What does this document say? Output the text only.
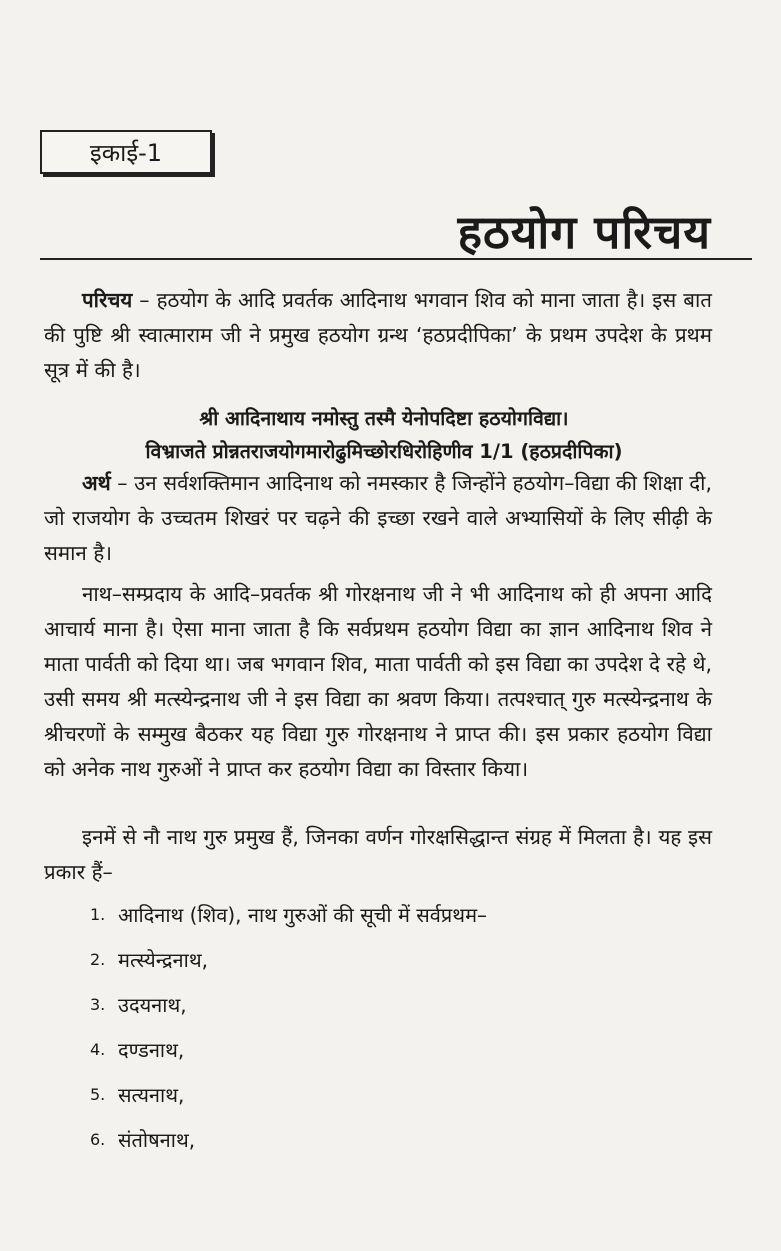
इकाई-1
हठयोग परिचय
परिचय – हठयोग के आदि प्रवर्तक आदिनाथ भगवान शिव को माना जाता है। इस बात की पुष्टि श्री स्वात्माराम जी ने प्रमुख हठयोग ग्रन्थ ‘हठप्रदीपिका’ के प्रथम उपदेश के प्रथम सूत्र में की है।
श्री आदिनाथाय नमोस्तु तस्मै येनोपदिष्टा हठयोगविद्या।
विभ्राजते प्रोन्नतराजयोगमारोढुमिच्छोरधिरोहिणीव 1/1 (हठप्रदीपिका)
अर्थ – उन सर्वशक्तिमान आदिनाथ को नमस्कार है जिन्होंने हठयोग–विद्या की शिक्षा दी, जो राजयोग के उच्चतम शिखरं पर चढ़ने की इच्छा रखने वाले अभ्यासियों के लिए सीढ़ी के समान है।
नाथ–सम्प्रदाय के आदि–प्रवर्तक श्री गोरक्षनाथ जी ने भी आदिनाथ को ही अपना आदि आचार्य माना है। ऐसा माना जाता है कि सर्वप्रथम हठयोग विद्या का ज्ञान आदिनाथ शिव ने माता पार्वती को दिया था। जब भगवान शिव, माता पार्वती को इस विद्या का उपदेश दे रहे थे, उसी समय श्री मत्स्येन्द्रनाथ जी ने इस विद्या का श्रवण किया। तत्पश्चात् गुरु मत्स्येन्द्रनाथ के श्रीचरणों के सम्मुख बैठकर यह विद्या गुरु गोरक्षनाथ ने प्राप्त की। इस प्रकार हठयोग विद्या को अनेक नाथ गुरुओं ने प्राप्त कर हठयोग विद्या का विस्तार किया।
इनमें से नौ नाथ गुरु प्रमुख हैं, जिनका वर्णन गोरक्षसिद्धान्त संग्रह में मिलता है। यह इस प्रकार हैं–
1. आदिनाथ (शिव), नाथ गुरुओं की सूची में सर्वप्रथम–
2. मत्स्येन्द्रनाथ,
3. उदयनाथ,
4. दण्डनाथ,
5. सत्यनाथ,
6. संतोषनाथ,
